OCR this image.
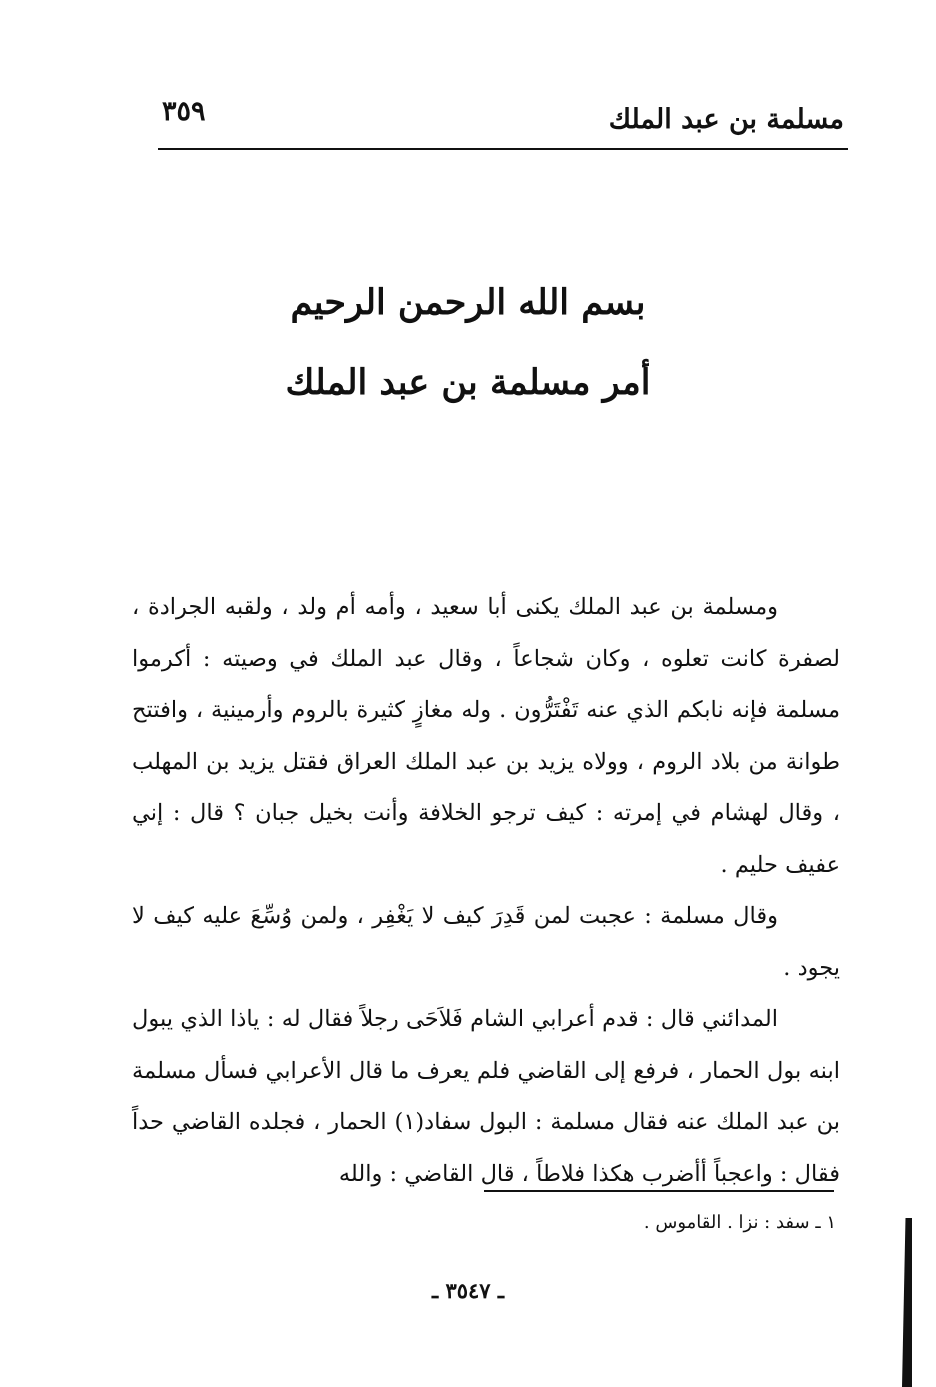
مسلمة بن عبد الملك
٣٥٩
بسم الله الرحمن الرحيم
أمر مسلمة بن عبد الملك

ومسلمة بن عبد الملك يكنى أبا سعيد ، وأمه أم ولد ، ولقبه الجرادة ، لصفرة كانت تعلوه ، وكان شجاعاً ، وقال عبد الملك في وصيته : أكرموا مسلمة فإنه نابكم الذي عنه تَفْتَرُّون . وله مغازٍ كثيرة بالروم وأرمينية ، وافتتح طوانة من بلاد الروم ، وولاه يزيد بن عبد الملك العراق فقتل يزيد بن المهلب ، وقال لهشام في إمرته : كيف ترجو الخلافة وأنت بخيل جبان ؟ قال : إني عفيف حليم .

وقال مسلمة : عجبت لمن قَدِرَ كيف لا يَغْفِر ، ولمن وُسِّعَ عليه كيف لا يجود .

المدائني قال : قدم أعرابي الشام فَلاَحَى رجلاً فقال له : ياذا الذي يبول ابنه بول الحمار ، فرفع إلى القاضي فلم يعرف ما قال الأعرابي فسأل مسلمة بن عبد الملك عنه فقال مسلمة : البول سفاد(١) الحمار ، فجلده القاضي حداً فقال : واعجباً أأضرب هكذا فلاطاً ، قال القاضي : والله

١ ـ سفد : نزا . القاموس .
ـ ٣٥٤٧ ـ
